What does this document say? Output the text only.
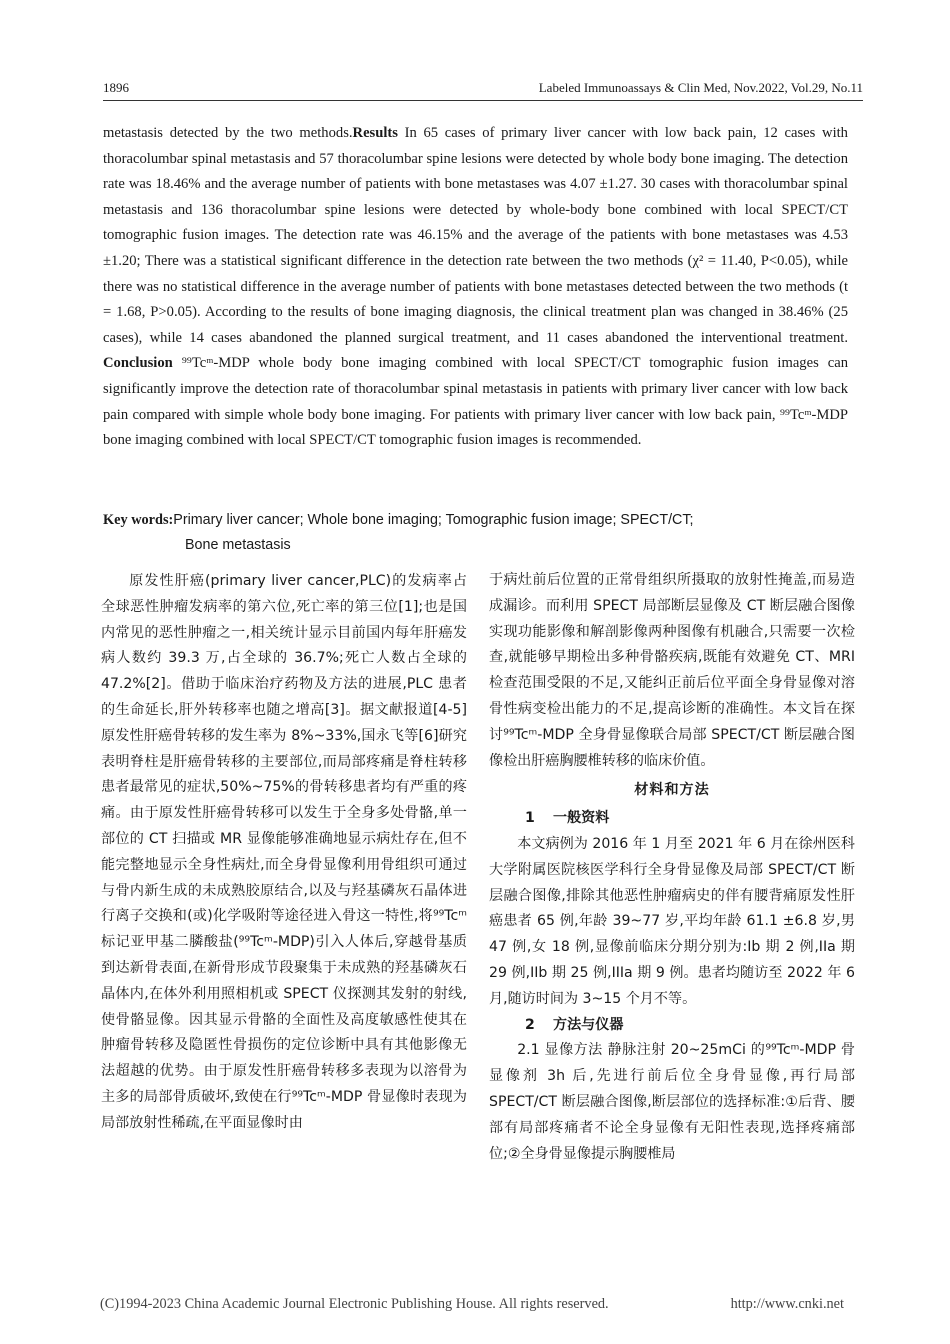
1896	Labeled Immunoassays & Clin Med, Nov.2022, Vol.29, No.11

metastasis detected by the two methods.Results In 65 cases of primary liver cancer with low back pain, 12 cases with thoracolumbar spinal metastasis and 57 thoracolumbar spine lesions were detected by whole body bone imaging. The detection rate was 18.46% and the average number of patients with bone metastases was 4.07 ±1.27. 30 cases with thoracolumbar spinal metastasis and 136 thoracolumbar spine lesions were detected by whole-body bone combined with local SPECT/CT tomographic fusion images. The detection rate was 46.15% and the average of the patients with bone metastases was 4.53 ±1.20; There was a statistical significant difference in the detection rate between the two methods (χ² = 11.40, P<0.05), while there was no statistical difference in the average number of patients with bone metastases detected between the two methods (t = 1.68, P>0.05). According to the results of bone imaging diagnosis, the clinical treatment plan was changed in 38.46% (25 cases), while 14 cases abandoned the planned surgical treatment, and 11 cases abandoned the interventional treatment. Conclusion ⁹⁹Tcᵐ-MDP whole body bone imaging combined with local SPECT/CT tomographic fusion images can significantly improve the detection rate of thoracolumbar spinal metastasis in patients with primary liver cancer with low back pain compared with simple whole body bone imaging. For patients with primary liver cancer with low back pain, ⁹⁹Tcᵐ-MDP bone imaging combined with local SPECT/CT tomographic fusion images is recommended.

Key words:Primary liver cancer; Whole bone imaging; Tomographic fusion image; SPECT/CT;
Bone metastasis

原发性肝癌(primary liver cancer,PLC)的发病率占全球恶性肿瘤发病率的第六位,死亡率的第三位[1];也是国内常见的恶性肿瘤之一,相关统计显示目前国内每年肝癌发病人数约 39.3 万,占全球的 36.7%;死亡人数占全球的 47.2%[2]。借助于临床治疗药物及方法的进展,PLC 患者的生命延长,肝外转移率也随之增高[3]。据文献报道[4-5]原发性肝癌骨转移的发生率为 8%~33%,国永飞等[6]研究表明脊柱是肝癌骨转移的主要部位,而局部疼痛是脊柱转移患者最常见的症状,50%~75%的骨转移患者均有严重的疼痛。由于原发性肝癌骨转移可以发生于全身多处骨骼,单一部位的 CT 扫描或 MR 显像能够准确地显示病灶存在,但不能完整地显示全身性病灶,而全身骨显像利用骨组织可通过与骨内新生成的未成熟胶原结合,以及与羟基磷灰石晶体进行离子交换和(或)化学吸附等途径进入骨这一特性,将⁹⁹Tcᵐ标记亚甲基二膦酸盐(⁹⁹Tcᵐ-MDP)引入人体后,穿越骨基质到达新骨表面,在新骨形成节段聚集于未成熟的羟基磷灰石晶体内,在体外利用照相机或 SPECT 仪探测其发射的射线,使骨骼显像。因其显示骨骼的全面性及高度敏感性使其在肿瘤骨转移及隐匿性骨损伤的定位诊断中具有其他影像无法超越的优势。由于原发性肝癌骨转移多表现为以溶骨为主多的局部骨质破坏,致使在行⁹⁹Tcᵐ-MDP 骨显像时表现为局部放射性稀疏,在平面显像时由

于病灶前后位置的正常骨组织所摄取的放射性掩盖,而易造成漏诊。而利用 SPECT 局部断层显像及 CT 断层融合图像实现功能影像和解剖影像两种图像有机融合,只需要一次检查,就能够早期检出多种骨骼疾病,既能有效避免 CT、MRI 检查范围受限的不足,又能纠正前后位平面全身骨显像对溶骨性病变检出能力的不足,提高诊断的准确性。本文旨在探讨⁹⁹Tcᵐ-MDP 全身骨显像联合局部 SPECT/CT 断层融合图像检出肝癌胸腰椎转移的临床价值。

材料和方法
1 一般资料

本文病例为 2016 年 1 月至 2021 年 6 月在徐州医科大学附属医院核医学科行全身骨显像及局部 SPECT/CT 断层融合图像,排除其他恶性肿瘤病史的伴有腰背痛原发性肝癌患者 65 例,年龄 39~77 岁,平均年龄 61.1 ±6.8 岁,男 47 例,女 18 例,显像前临床分期分别为:Ib 期 2 例,IIa 期 29 例,IIb 期 25 例,IIIa 期 9 例。患者均随访至 2022 年 6 月,随访时间为 3~15 个月不等。

2 方法与仪器

2.1 显像方法 静脉注射 20~25mCi 的⁹⁹Tcᵐ-MDP 骨显像剂 3h 后,先进行前后位全身骨显像,再行局部 SPECT/CT 断层融合图像,断层部位的选择标准:①后背、腰部有局部疼痛者不论全身显像有无阳性表现,选择疼痛部位;②全身骨显像提示胸腰椎局

(C)1994-2023 China Academic Journal Electronic Publishing House. All rights reserved.	http://www.cnki.net
